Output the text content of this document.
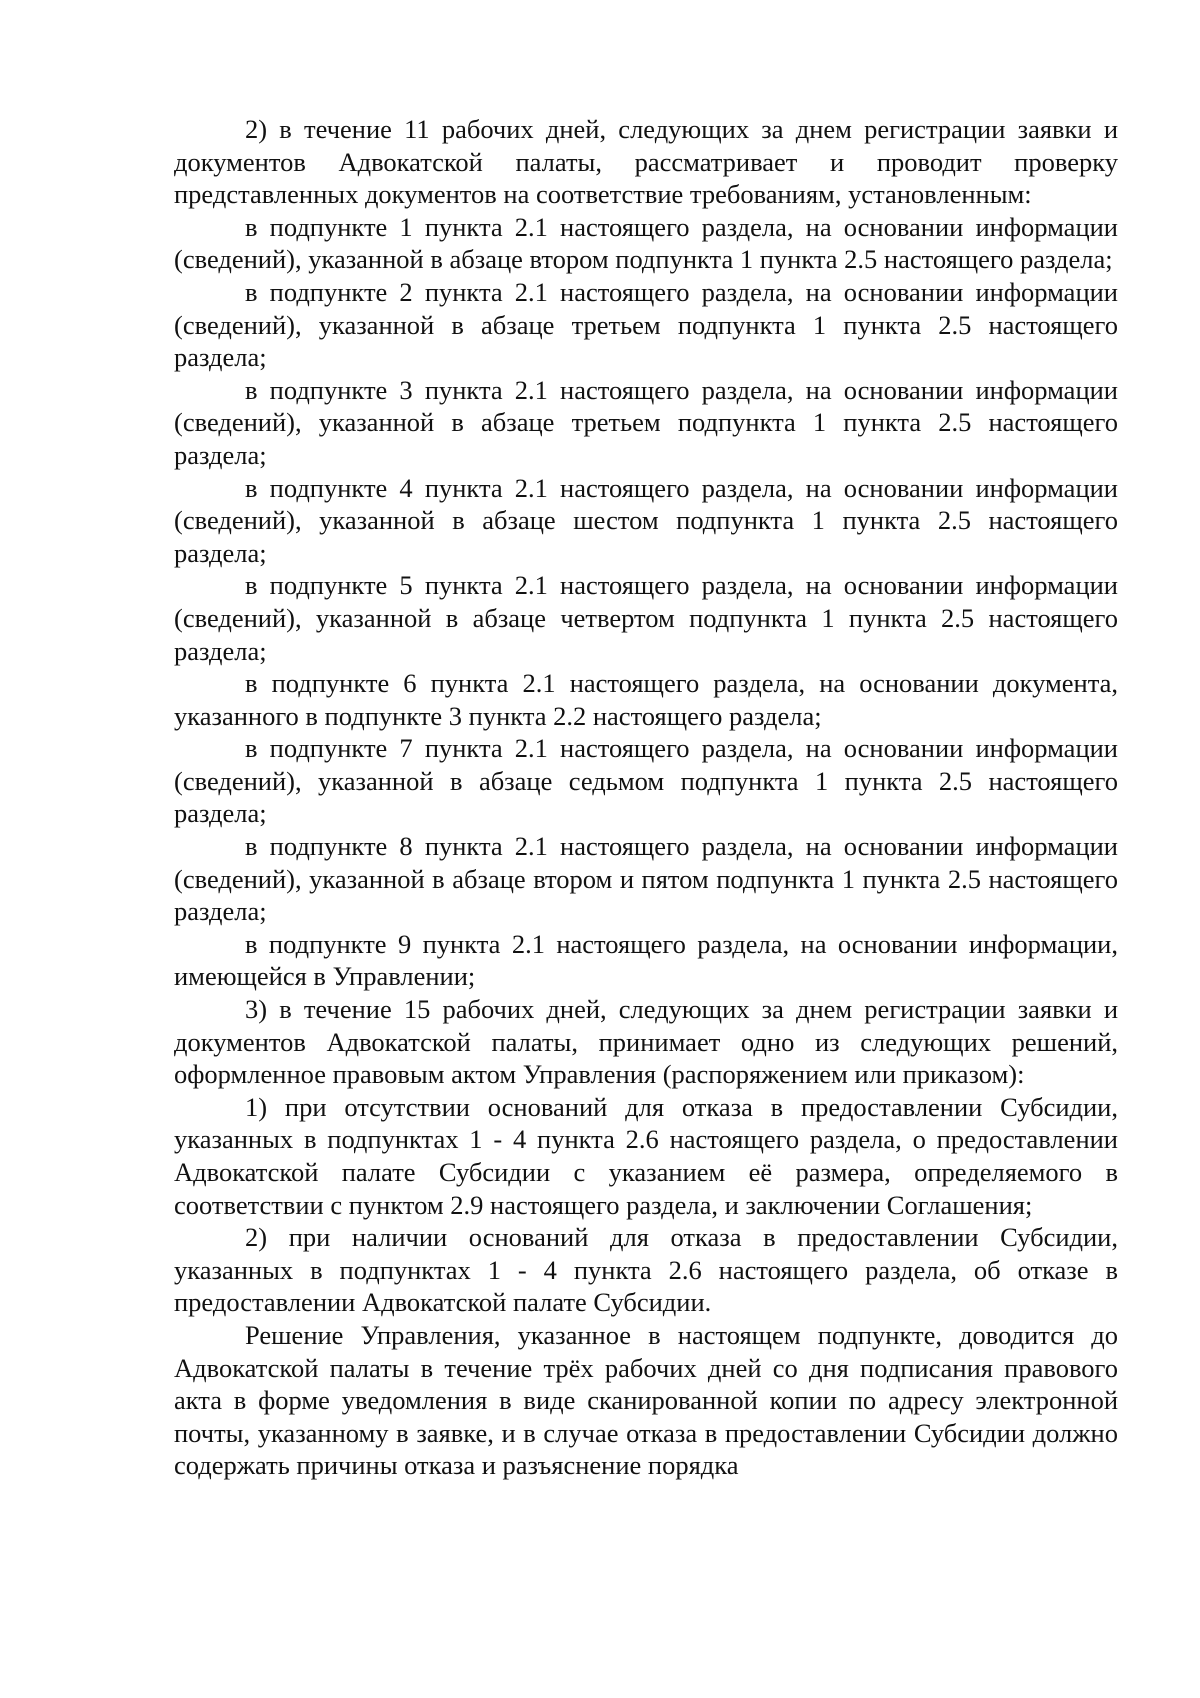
2) в течение 11 рабочих дней, следующих за днем регистрации заявки и документов Адвокатской палаты, рассматривает и проводит проверку представленных документов на соответствие требованиям, установленным:

в подпункте 1 пункта 2.1 настоящего раздела, на основании информации (сведений), указанной в абзаце втором подпункта 1 пункта 2.5 настоящего раздела;

в подпункте 2 пункта 2.1 настоящего раздела, на основании информации (сведений), указанной в абзаце третьем подпункта 1 пункта 2.5 настоящего раздела;

в подпункте 3 пункта 2.1 настоящего раздела, на основании информации (сведений), указанной в абзаце третьем подпункта 1 пункта 2.5 настоящего раздела;

в подпункте 4 пункта 2.1 настоящего раздела, на основании информации (сведений), указанной в абзаце шестом подпункта 1 пункта 2.5 настоящего раздела;

в подпункте 5 пункта 2.1 настоящего раздела, на основании информации (сведений), указанной в абзаце четвертом подпункта 1 пункта 2.5 настоящего раздела;

в подпункте 6 пункта 2.1 настоящего раздела, на основании документа, указанного в подпункте 3 пункта 2.2 настоящего раздела;

в подпункте 7 пункта 2.1 настоящего раздела, на основании информации (сведений), указанной в абзаце седьмом подпункта 1 пункта 2.5 настоящего раздела;

в подпункте 8 пункта 2.1 настоящего раздела, на основании информации (сведений), указанной в абзаце втором и пятом подпункта 1 пункта 2.5 настоящего раздела;

в подпункте 9 пункта 2.1 настоящего раздела, на основании информации, имеющейся в Управлении;

3) в течение 15 рабочих дней, следующих за днем регистрации заявки и документов Адвокатской палаты, принимает одно из следующих решений, оформленное правовым актом Управления (распоряжением или приказом):

1) при отсутствии оснований для отказа в предоставлении Субсидии, указанных в подпунктах 1 - 4 пункта 2.6 настоящего раздела, о предоставлении Адвокатской палате Субсидии с указанием её размера, определяемого в соответствии с пунктом 2.9 настоящего раздела, и заключении Соглашения;

2) при наличии оснований для отказа в предоставлении Субсидии, указанных в подпунктах 1 - 4 пункта 2.6 настоящего раздела, об отказе в предоставлении Адвокатской палате Субсидии.

Решение Управления, указанное в настоящем подпункте, доводится до Адвокатской палаты в течение трёх рабочих дней со дня подписания правового акта в форме уведомления в виде сканированной копии по адресу электронной почты, указанному в заявке, и в случае отказа в предоставлении Субсидии должно содержать причины отказа и разъяснение порядка
